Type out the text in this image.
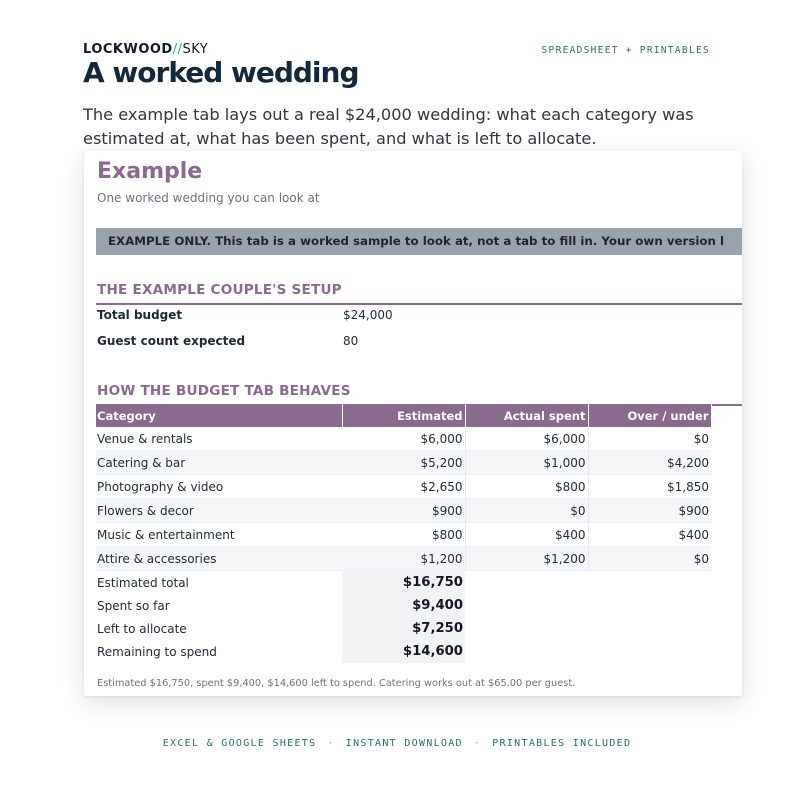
LOCKWOOD//SKY	SPREADSHEET + PRINTABLES
A worked wedding

The example tab lays out a real $24,000 wedding: what each category was estimated at, what has been spent, and what is left to allocate.

Example
One worked wedding you can look at
EXAMPLE ONLY. This tab is a worked sample to look at, not a tab to fill in. Your own version l
THE EXAMPLE COUPLE'S SETUP
Total budget	$24,000
Guest count expected	80
HOW THE BUDGET TAB BEHAVES
Category	Estimated	Actual spent	Over / under
Venue & rentals	$6,000	$6,000	$0
Catering & bar	$5,200	$1,000	$4,200
Photography & video	$2,650	$800	$1,850
Flowers & decor	$900	$0	$900
Music & entertainment	$800	$400	$400
Attire & accessories	$1,200	$1,200	$0
Estimated total	$16,750		
Spent so far	$9,400		
Left to allocate	$7,250		
Remaining to spend	$14,600		
Estimated $16,750, spent $9,400, $14,600 left to spend. Catering works out at $65.00 per guest.
EXCEL & GOOGLE SHEETS · INSTANT DOWNLOAD · PRINTABLES INCLUDED
